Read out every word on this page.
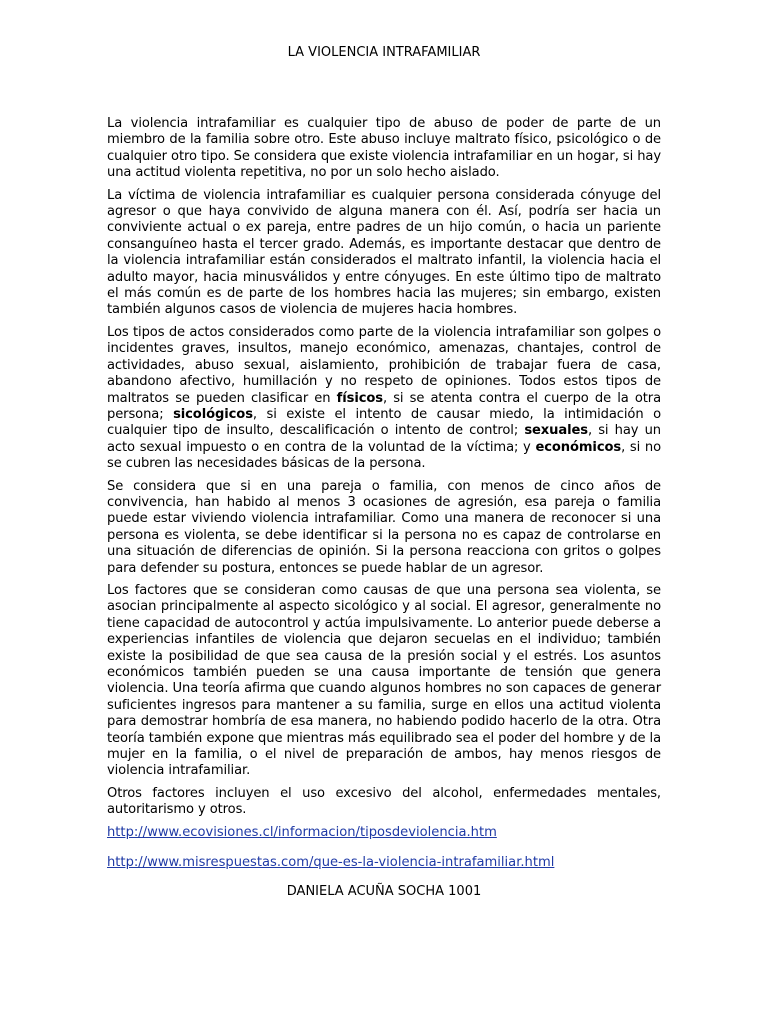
LA VIOLENCIA INTRAFAMILIAR

La violencia intrafamiliar es cualquier tipo de abuso de poder de parte de un miembro de la familia sobre otro. Este abuso incluye maltrato físico, psicológico o de cualquier otro tipo. Se considera que existe violencia intrafamiliar en un hogar, si hay una actitud violenta repetitiva, no por un solo hecho aislado.

La víctima de violencia intrafamiliar es cualquier persona considerada cónyuge del agresor o que haya convivido de alguna manera con él. Así, podría ser hacia un conviviente actual o ex pareja, entre padres de un hijo común, o hacia un pariente consanguíneo hasta el tercer grado. Además, es importante destacar que dentro de la violencia intrafamiliar están considerados el maltrato infantil, la violencia hacia el adulto mayor, hacia minusválidos y entre cónyuges. En este último tipo de maltrato el más común es de parte de los hombres hacia las mujeres; sin embargo, existen también algunos casos de violencia de mujeres hacia hombres.

Los tipos de actos considerados como parte de la violencia intrafamiliar son golpes o incidentes graves, insultos, manejo económico, amenazas, chantajes, control de actividades, abuso sexual, aislamiento, prohibición de trabajar fuera de casa, abandono afectivo, humillación y no respeto de opiniones. Todos estos tipos de maltratos se pueden clasificar en físicos, si se atenta contra el cuerpo de la otra persona; sicológicos, si existe el intento de causar miedo, la intimidación o cualquier tipo de insulto, descalificación o intento de control; sexuales, si hay un acto sexual impuesto o en contra de la voluntad de la víctima; y económicos, si no se cubren las necesidades básicas de la persona.

Se considera que si en una pareja o familia, con menos de cinco años de convivencia, han habido al menos 3 ocasiones de agresión, esa pareja o familia puede estar viviendo violencia intrafamiliar. Como una manera de reconocer si una persona es violenta, se debe identificar si la persona no es capaz de controlarse en una situación de diferencias de opinión. Si la persona reacciona con gritos o golpes para defender su postura, entonces se puede hablar de un agresor.

Los factores que se consideran como causas de que una persona sea violenta, se asocian principalmente al aspecto sicológico y al social. El agresor, generalmente no tiene capacidad de autocontrol y actúa impulsivamente. Lo anterior puede deberse a experiencias infantiles de violencia que dejaron secuelas en el individuo; también existe la posibilidad de que sea causa de la presión social y el estrés. Los asuntos económicos también pueden se una causa importante de tensión que genera violencia. Una teoría afirma que cuando algunos hombres no son capaces de generar suficientes ingresos para mantener a su familia, surge en ellos una actitud violenta para demostrar hombría de esa manera, no habiendo podido hacerlo de la otra. Otra teoría también expone que mientras más equilibrado sea el poder del hombre y de la mujer en la familia, o el nivel de preparación de ambos, hay menos riesgos de violencia intrafamiliar.

Otros factores incluyen el uso excesivo del alcohol, enfermedades mentales, autoritarismo y otros.

http://www.ecovisiones.cl/informacion/tiposdeviolencia.htm
http://www.misrespuestas.com/que-es-la-violencia-intrafamiliar.html
DANIELA ACUÑA SOCHA 1001
